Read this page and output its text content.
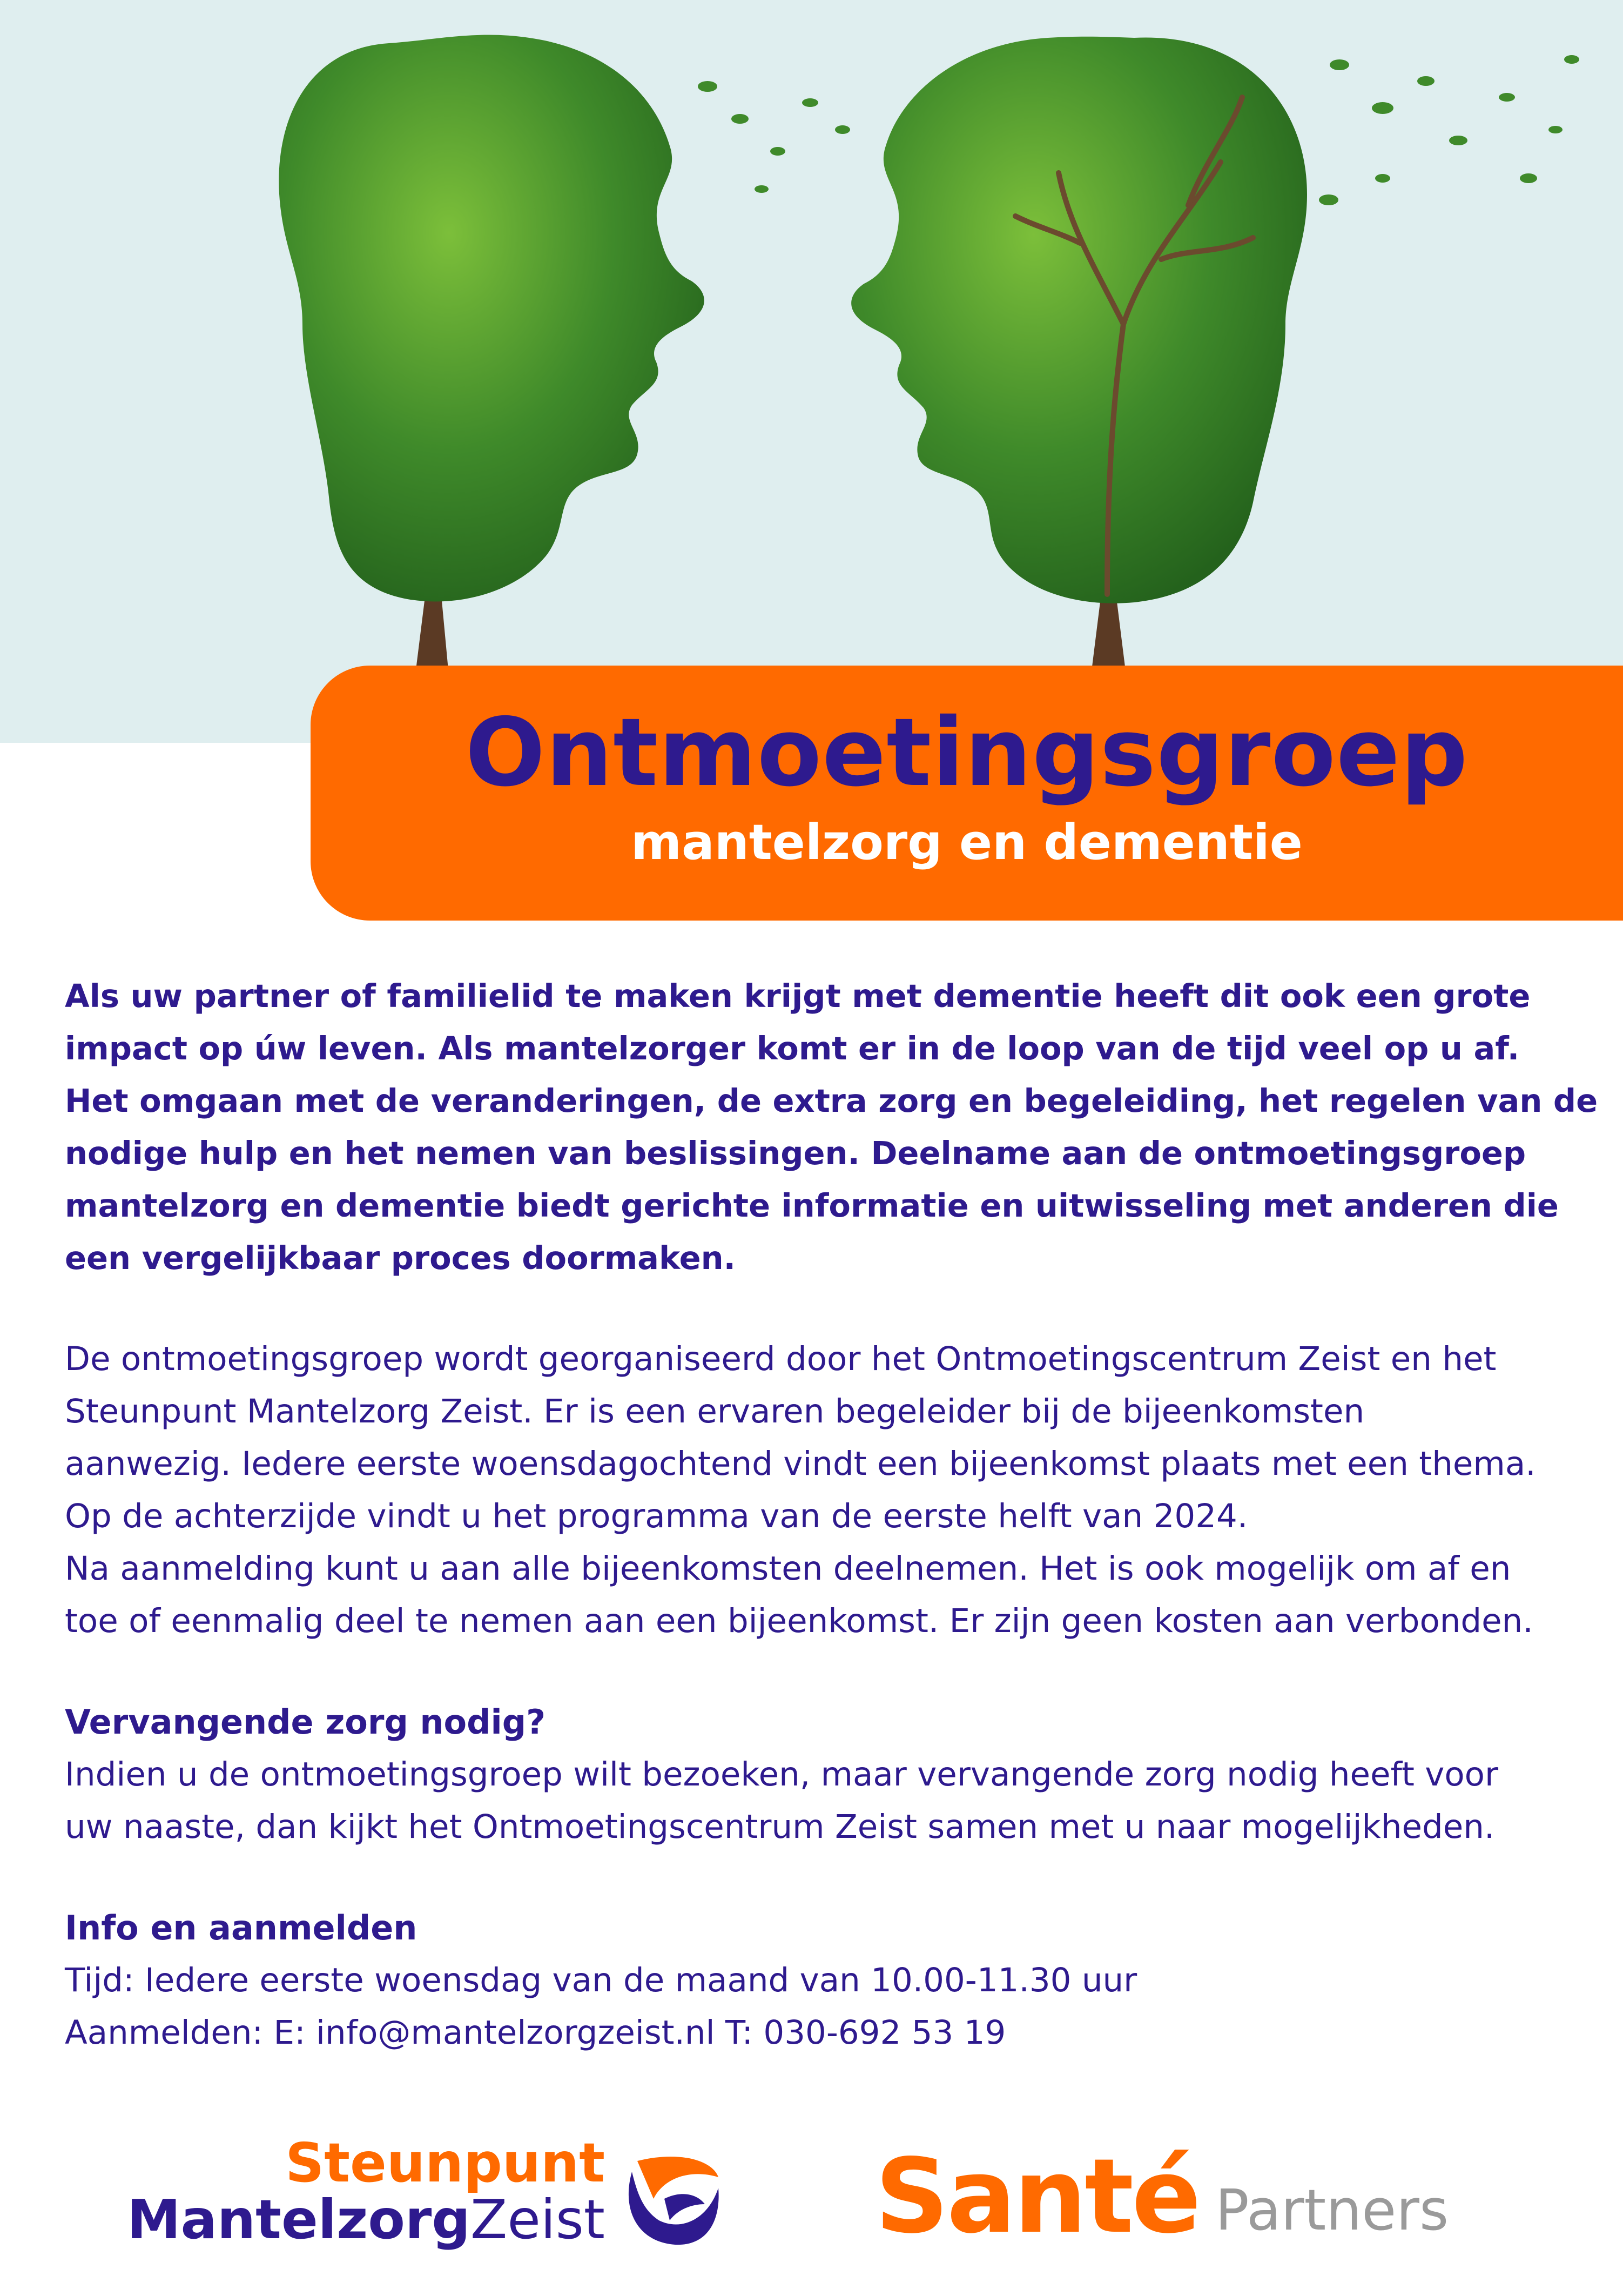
Ontmoetingsgroep
mantelzorg en dementie

Als uw partner of familielid te maken krijgt met dementie heeft dit ook een grote

impact op úw leven. Als mantelzorger komt er in de loop van de tijd veel op u af.

Het omgaan met de veranderingen, de extra zorg en begeleiding, het regelen van de

nodige hulp en het nemen van beslissingen. Deelname aan de ontmoetingsgroep

mantelzorg en dementie biedt gerichte informatie en uitwisseling met anderen die

een vergelijkbaar proces doormaken.

De ontmoetingsgroep wordt georganiseerd door het Ontmoetingscentrum Zeist en het

Steunpunt Mantelzorg Zeist. Er is een ervaren begeleider bij de bijeenkomsten

aanwezig. Iedere eerste woensdagochtend vindt een bijeenkomst plaats met een thema.

Op de achterzijde vindt u het programma van de eerste helft van 2024.

Na aanmelding kunt u aan alle bijeenkomsten deelnemen. Het is ook mogelijk om af en

toe of eenmalig deel te nemen aan een bijeenkomst. Er zijn geen kosten aan verbonden.

Vervangende zorg nodig?

Indien u de ontmoetingsgroep wilt bezoeken, maar vervangende zorg nodig heeft voor

uw naaste, dan kijkt het Ontmoetingscentrum Zeist samen met u naar mogelijkheden.

Info en aanmelden

Tijd: Iedere eerste woensdag van de maand van 10.00-11.30 uur

Aanmelden: E: info@mantelzorgzeist.nl T: 030-692 53 19

Steunpunt
MantelzorgZeist	Santé Partners
